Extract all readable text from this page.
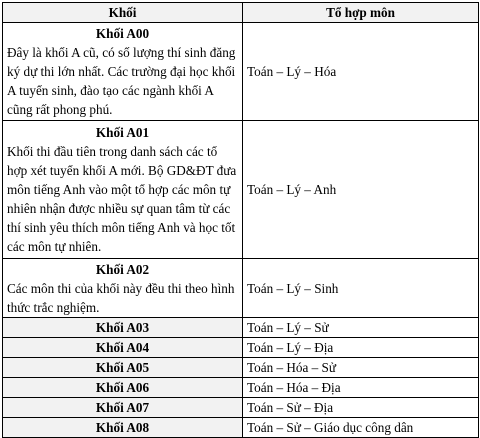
Khối	Tổ hợp môn

Khối A00
Đây là khối A cũ, có số lượng thí sinh đăng ký dự thi lớn nhất. Các trường đại học khối A tuyển sinh, đào tạo các ngành khối A cũng rất phong phú.	Toán – Lý – Hóa

Khối A01
Khối thi đầu tiên trong danh sách các tổ hợp xét tuyển khối A mới. Bộ GD&ĐT đưa môn tiếng Anh vào một tổ hợp các môn tự nhiên nhận được nhiều sự quan tâm từ các thí sinh yêu thích môn tiếng Anh và học tốt các môn tự nhiên.	Toán – Lý – Anh

Khối A02
Các môn thi của khối này đều thi theo hình thức trắc nghiệm.	Toán – Lý – Sinh
Khối A03	Toán – Lý – Sử
Khối A04	Toán – Lý – Địa
Khối A05	Toán – Hóa – Sử
Khối A06	Toán – Hóa – Địa
Khối A07	Toán – Sử – Địa
Khối A08	Toán – Sử – Giáo dục công dân
